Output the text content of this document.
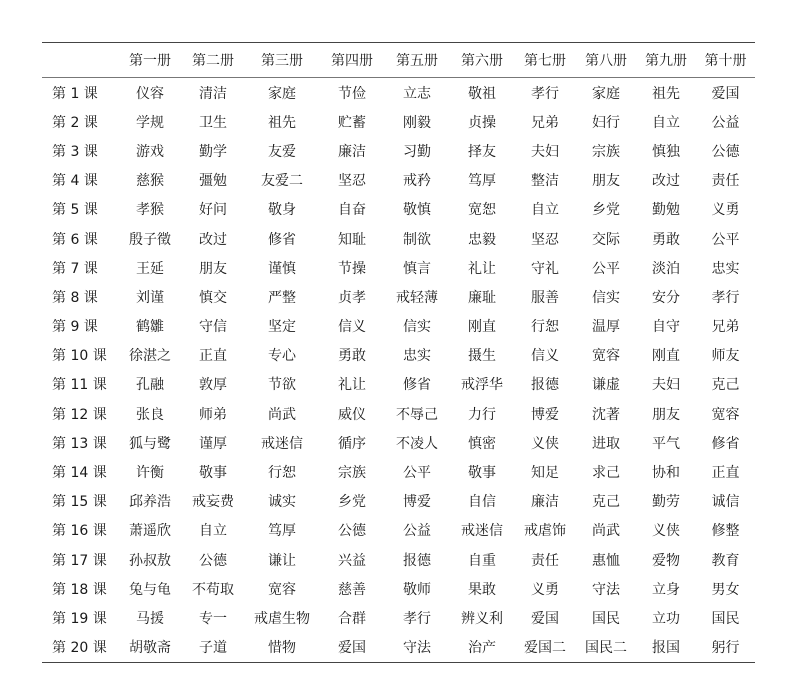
	第一册	第二册	第三册	第四册	第五册	第六册	第七册	第八册	第九册	第十册
第 1 课	仪容	清洁	家庭	节俭	立志	敬祖	孝行	家庭	祖先	爱国
第 2 课	学规	卫生	祖先	贮蓄	刚毅	贞操	兄弟	妇行	自立	公益
第 3 课	游戏	勤学	友爱	廉洁	习勤	择友	夫妇	宗族	慎独	公德
第 4 课	慈猴	彊勉	友爱二	坚忍	戒矜	笃厚	整洁	朋友	改过	责任
第 5 课	孝猴	好问	敬身	自奋	敬慎	宽恕	自立	乡党	勤勉	义勇
第 6 课	殷子徵	改过	修省	知耻	制欲	忠毅	坚忍	交际	勇敢	公平
第 7 课	王延	朋友	谨慎	节操	慎言	礼让	守礼	公平	淡泊	忠实
第 8 课	刘谨	慎交	严整	贞孝	戒轻薄	廉耻	服善	信实	安分	孝行
第 9 课	鹤雛	守信	坚定	信义	信实	刚直	行恕	温厚	自守	兄弟
第 10 课	徐湛之	正直	专心	勇敢	忠实	摄生	信义	宽容	刚直	师友
第 11 课	孔融	敦厚	节欲	礼让	修省	戒浮华	报德	谦虚	夫妇	克己
第 12 课	张良	师弟	尚武	威仪	不辱己	力行	博爱	沈著	朋友	宽容
第 13 课	狐与鹭	谨厚	戒迷信	循序	不凌人	慎密	义侠	进取	平气	修省
第 14 课	许衡	敬事	行恕	宗族	公平	敬事	知足	求己	协和	正直
第 15 课	邱养浩	戒妄费	诚实	乡党	博爱	自信	廉洁	克己	勤劳	诚信
第 16 课	萧遥欣	自立	笃厚	公德	公益	戒迷信	戒虐饰	尚武	义侠	修整
第 17 课	孙叔敖	公德	谦让	兴益	报德	自重	责任	惠恤	爱物	教育
第 18 课	兔与龟	不苟取	宽容	慈善	敬师	果敢	义勇	守法	立身	男女
第 19 课	马援	专一	戒虐生物	合群	孝行	辨义利	爱国	国民	立功	国民
第 20 课	胡敬斋	子道	惜物	爱国	守法	治产	爱国二	国民二	报国	躬行
